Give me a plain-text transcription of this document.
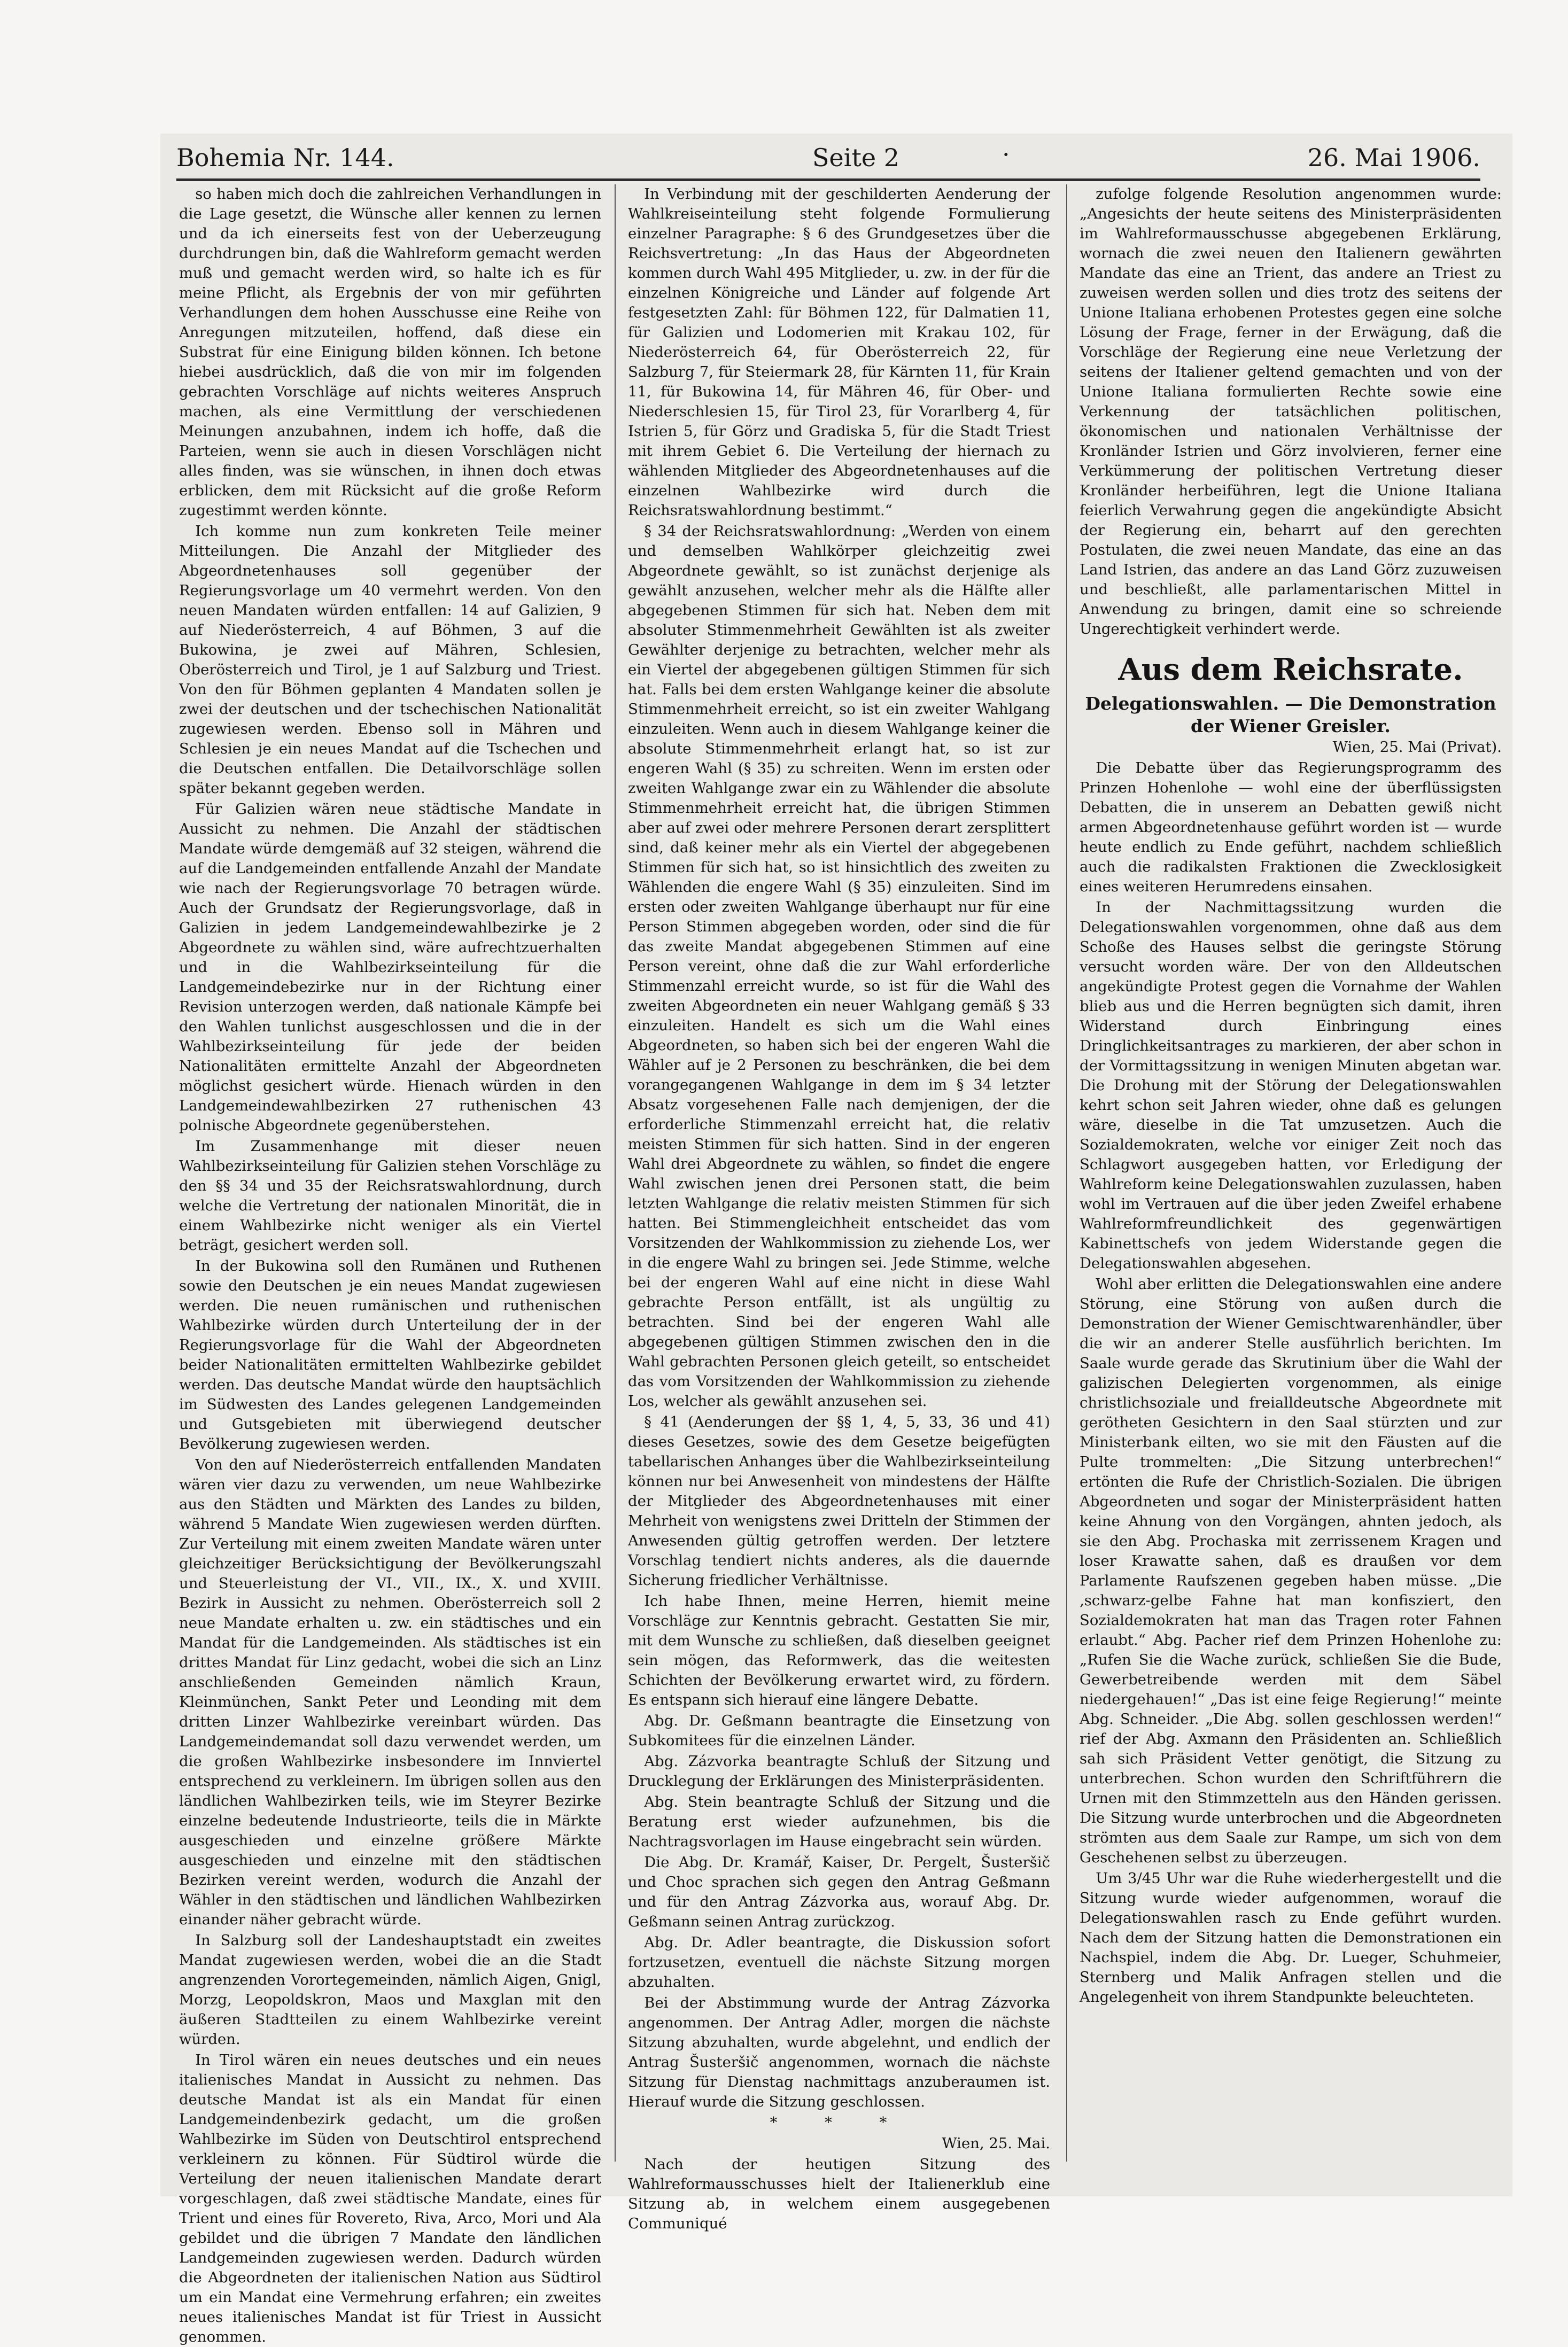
Bohemia Nr. 144.	Seite 2	·	26. Mai 1906.

so haben mich doch die zahlreichen Verhandlungen in die Lage gesetzt, die Wünsche aller kennen zu lernen und da ich einerseits fest von der Ueberzeugung durchdrungen bin, daß die Wahlreform gemacht werden muß und gemacht werden wird, so halte ich es für meine Pflicht, als Ergebnis der von mir geführten Verhandlungen dem hohen Ausschusse eine Reihe von Anregungen mitzuteilen, hoffend, daß diese ein Substrat für eine Einigung bilden können. Ich betone hiebei ausdrücklich, daß die von mir im folgenden gebrachten Vorschläge auf nichts weiteres Anspruch machen, als eine Vermittlung der verschiedenen Meinungen anzubahnen, indem ich hoffe, daß die Parteien, wenn sie auch in diesen Vorschlägen nicht alles finden, was sie wünschen, in ihnen doch etwas erblicken, dem mit Rücksicht auf die große Reform zugestimmt werden könnte.

Ich komme nun zum konkreten Teile meiner Mitteilungen. Die Anzahl der Mitglieder des Abgeordnetenhauses soll gegenüber der Regierungsvorlage um 40 vermehrt werden. Von den neuen Mandaten würden entfallen: 14 auf Galizien, 9 auf Niederösterreich, 4 auf Böhmen, 3 auf die Bukowina, je zwei auf Mähren, Schlesien, Oberösterreich und Tirol, je 1 auf Salzburg und Triest. Von den für Böhmen geplanten 4 Mandaten sollen je zwei der deutschen und der tschechischen Nationalität zugewiesen werden. Ebenso soll in Mähren und Schlesien je ein neues Mandat auf die Tschechen und die Deutschen entfallen. Die Detailvorschläge sollen später bekannt gegeben werden.

Für Galizien wären neue städtische Mandate in Aussicht zu nehmen. Die Anzahl der städtischen Mandate würde demgemäß auf 32 steigen, während die auf die Landgemeinden entfallende Anzahl der Mandate wie nach der Regierungsvorlage 70 betragen würde. Auch der Grundsatz der Regierungsvorlage, daß in Galizien in jedem Landgemeindewahlbezirke je 2 Abgeordnete zu wählen sind, wäre aufrechtzuerhalten und in die Wahlbezirkseinteilung für die Landgemeindebezirke nur in der Richtung einer Revision unterzogen werden, daß nationale Kämpfe bei den Wahlen tunlichst ausgeschlossen und die in der Wahlbezirkseinteilung für jede der beiden Nationalitäten ermittelte Anzahl der Abgeordneten möglichst gesichert würde. Hienach würden in den Landgemeindewahlbezirken 27 ruthenischen 43 polnische Abgeordnete gegenüberstehen.

Im Zusammenhange mit dieser neuen Wahlbezirkseinteilung für Galizien stehen Vorschläge zu den §§ 34 und 35 der Reichsratswahlordnung, durch welche die Vertretung der nationalen Minorität, die in einem Wahlbezirke nicht weniger als ein Viertel beträgt, gesichert werden soll.

In der Bukowina soll den Rumänen und Ruthenen sowie den Deutschen je ein neues Mandat zugewiesen werden. Die neuen rumänischen und ruthenischen Wahlbezirke würden durch Unterteilung der in der Regierungsvorlage für die Wahl der Abgeordneten beider Nationalitäten ermittelten Wahlbezirke gebildet werden. Das deutsche Mandat würde den hauptsächlich im Südwesten des Landes gelegenen Landgemeinden und Gutsgebieten mit überwiegend deutscher Bevölkerung zugewiesen werden.

Von den auf Niederösterreich entfallenden Mandaten wären vier dazu zu verwenden, um neue Wahlbezirke aus den Städten und Märkten des Landes zu bilden, während 5 Mandate Wien zugewiesen werden dürften. Zur Verteilung mit einem zweiten Mandate wären unter gleichzeitiger Berücksichtigung der Bevölkerungszahl und Steuerleistung der VI., VII., IX., X. und XVIII. Bezirk in Aussicht zu nehmen. Oberösterreich soll 2 neue Mandate erhalten u. zw. ein städtisches und ein Mandat für die Landgemeinden. Als städtisches ist ein drittes Mandat für Linz gedacht, wobei die sich an Linz anschließenden Gemeinden nämlich Kraun, Kleinmünchen, Sankt Peter und Leonding mit dem dritten Linzer Wahlbezirke vereinbart würden. Das Landgemeindemandat soll dazu verwendet werden, um die großen Wahlbezirke insbesondere im Innviertel entsprechend zu verkleinern. Im übrigen sollen aus den ländlichen Wahlbezirken teils, wie im Steyrer Bezirke einzelne bedeutende Industrieorte, teils die in Märkte ausgeschieden und einzelne größere Märkte ausgeschieden und einzelne mit den städtischen Bezirken vereint werden, wodurch die Anzahl der Wähler in den städtischen und ländlichen Wahlbezirken einander näher gebracht würde.

In Salzburg soll der Landeshauptstadt ein zweites Mandat zugewiesen werden, wobei die an die Stadt angrenzenden Vorortegemeinden, nämlich Aigen, Gnigl, Morzg, Leopoldskron, Maos und Maxglan mit den äußeren Stadtteilen zu einem Wahlbezirke vereint würden.

In Tirol wären ein neues deutsches und ein neues italienisches Mandat in Aussicht zu nehmen. Das deutsche Mandat ist als ein Mandat für einen Landgemeindenbezirk gedacht, um die großen Wahlbezirke im Süden von Deutschtirol entsprechend verkleinern zu können. Für Südtirol würde die Verteilung der neuen italienischen Mandate derart vorgeschlagen, daß zwei städtische Mandate, eines für Trient und eines für Rovereto, Riva, Arco, Mori und Ala gebildet und die übrigen 7 Mandate den ländlichen Landgemeinden zugewiesen werden. Dadurch würden die Abgeordneten der italienischen Nation aus Südtirol um ein Mandat eine Vermehrung erfahren; ein zweites neues italienisches Mandat ist für Triest in Aussicht genommen.

In Verbindung mit der geschilderten Aenderung der Wahlkreiseinteilung steht folgende Formulierung einzelner Paragraphe: § 6 des Grundgesetzes über die Reichsvertretung: „In das Haus der Abgeordneten kommen durch Wahl 495 Mitglieder, u. zw. in der für die einzelnen Königreiche und Länder auf folgende Art festgesetzten Zahl: für Böhmen 122, für Dalmatien 11, für Galizien und Lodomerien mit Krakau 102, für Niederösterreich 64, für Oberösterreich 22, für Salzburg 7, für Steiermark 28, für Kärnten 11, für Krain 11, für Bukowina 14, für Mähren 46, für Ober- und Niederschlesien 15, für Tirol 23, für Vorarlberg 4, für Istrien 5, für Görz und Gradiska 5, für die Stadt Triest mit ihrem Gebiet 6. Die Verteilung der hiernach zu wählenden Mitglieder des Abgeordnetenhauses auf die einzelnen Wahlbezirke wird durch die Reichsratswahlordnung bestimmt.“

§ 34 der Reichsratswahlordnung: „Werden von einem und demselben Wahlkörper gleichzeitig zwei Abgeordnete gewählt, so ist zunächst derjenige als gewählt anzusehen, welcher mehr als die Hälfte aller abgegebenen Stimmen für sich hat. Neben dem mit absoluter Stimmenmehrheit Gewählten ist als zweiter Gewählter derjenige zu betrachten, welcher mehr als ein Viertel der abgegebenen gültigen Stimmen für sich hat. Falls bei dem ersten Wahlgange keiner die absolute Stimmenmehrheit erreicht, so ist ein zweiter Wahlgang einzuleiten. Wenn auch in diesem Wahlgange keiner die absolute Stimmenmehrheit erlangt hat, so ist zur engeren Wahl (§ 35) zu schreiten. Wenn im ersten oder zweiten Wahlgange zwar ein zu Wählender die absolute Stimmenmehrheit erreicht hat, die übrigen Stimmen aber auf zwei oder mehrere Personen derart zersplittert sind, daß keiner mehr als ein Viertel der abgegebenen Stimmen für sich hat, so ist hinsichtlich des zweiten zu Wählenden die engere Wahl (§ 35) einzuleiten. Sind im ersten oder zweiten Wahlgange überhaupt nur für eine Person Stimmen abgegeben worden, oder sind die für das zweite Mandat abgegebenen Stimmen auf eine Person vereint, ohne daß die zur Wahl erforderliche Stimmenzahl erreicht wurde, so ist für die Wahl des zweiten Abgeordneten ein neuer Wahlgang gemäß § 33 einzuleiten. Handelt es sich um die Wahl eines Abgeordneten, so haben sich bei der engeren Wahl die Wähler auf je 2 Personen zu beschränken, die bei dem vorangegangenen Wahlgange in dem im § 34 letzter Absatz vorgesehenen Falle nach demjenigen, der die erforderliche Stimmenzahl erreicht hat, die relativ meisten Stimmen für sich hatten. Sind in der engeren Wahl drei Abgeordnete zu wählen, so findet die engere Wahl zwischen jenen drei Personen statt, die beim letzten Wahlgange die relativ meisten Stimmen für sich hatten. Bei Stimmengleichheit entscheidet das vom Vorsitzenden der Wahlkommission zu ziehende Los, wer in die engere Wahl zu bringen sei. Jede Stimme, welche bei der engeren Wahl auf eine nicht in diese Wahl gebrachte Person entfällt, ist als ungültig zu betrachten. Sind bei der engeren Wahl alle abgegebenen gültigen Stimmen zwischen den in die Wahl gebrachten Personen gleich geteilt, so entscheidet das vom Vorsitzenden der Wahlkommission zu ziehende Los, welcher als gewählt anzusehen sei.

§ 41 (Aenderungen der §§ 1, 4, 5, 33, 36 und 41) dieses Gesetzes, sowie des dem Gesetze beigefügten tabellarischen Anhanges über die Wahlbezirkseinteilung können nur bei Anwesenheit von mindestens der Hälfte der Mitglieder des Abgeordnetenhauses mit einer Mehrheit von wenigstens zwei Dritteln der Stimmen der Anwesenden gültig getroffen werden. Der letztere Vorschlag tendiert nichts anderes, als die dauernde Sicherung friedlicher Verhältnisse.

Ich habe Ihnen, meine Herren, hiemit meine Vorschläge zur Kenntnis gebracht. Gestatten Sie mir, mit dem Wunsche zu schließen, daß dieselben geeignet sein mögen, das Reformwerk, das die weitesten Schichten der Bevölkerung erwartet wird, zu fördern. Es entspann sich hierauf eine längere Debatte.

Abg. Dr. Geßmann beantragte die Einsetzung von Subkomitees für die einzelnen Länder.

Abg. Zázvorka beantragte Schluß der Sitzung und Drucklegung der Erklärungen des Ministerpräsidenten.

Abg. Stein beantragte Schluß der Sitzung und die Beratung erst wieder aufzunehmen, bis die Nachtragsvorlagen im Hause eingebracht sein würden.

Die Abg. Dr. Kramář, Kaiser, Dr. Pergelt, Šusteršič und Choc sprachen sich gegen den Antrag Geßmann und für den Antrag Zázvorka aus, worauf Abg. Dr. Geßmann seinen Antrag zurückzog.

Abg. Dr. Adler beantragte, die Diskussion sofort fortzusetzen, eventuell die nächste Sitzung morgen abzuhalten.

Bei der Abstimmung wurde der Antrag Zázvorka angenommen. Der Antrag Adler, morgen die nächste Sitzung abzuhalten, wurde abgelehnt, und endlich der Antrag Šusteršič angenommen, wornach die nächste Sitzung für Dienstag nachmittags anzuberaumen ist. Hierauf wurde die Sitzung geschlossen.

* * *

Wien, 25. Mai.

Nach der heutigen Sitzung des Wahlreformausschusses hielt der Italienerklub eine Sitzung ab, in welchem einem ausgegebenen Communiqué

zufolge folgende Resolution angenommen wurde: „Angesichts der heute seitens des Ministerpräsidenten im Wahlreformausschusse abgegebenen Erklärung, wornach die zwei neuen den Italienern gewährten Mandate das eine an Trient, das andere an Triest zu zuweisen werden sollen und dies trotz des seitens der Unione Italiana erhobenen Protestes gegen eine solche Lösung der Frage, ferner in der Erwägung, daß die Vorschläge der Regierung eine neue Verletzung der seitens der Italiener geltend gemachten und von der Unione Italiana formulierten Rechte sowie eine Verkennung der tatsächlichen politischen, ökonomischen und nationalen Verhältnisse der Kronländer Istrien und Görz involvieren, ferner eine Verkümmerung der politischen Vertretung dieser Kronländer herbeiführen, legt die Unione Italiana feierlich Verwahrung gegen die angekündigte Absicht der Regierung ein, beharrt auf den gerechten Postulaten, die zwei neuen Mandate, das eine an das Land Istrien, das andere an das Land Görz zuzuweisen und beschließt, alle parlamentarischen Mittel in Anwendung zu bringen, damit eine so schreiende Ungerechtigkeit verhindert werde.

Aus dem Reichsrate.
Delegationswahlen. — Die Demonstration der Wiener Greisler.

Wien, 25. Mai (Privat).

Die Debatte über das Regierungsprogramm des Prinzen Hohenlohe — wohl eine der überflüssigsten Debatten, die in unserem an Debatten gewiß nicht armen Abgeordnetenhause geführt worden ist — wurde heute endlich zu Ende geführt, nachdem schließlich auch die radikalsten Fraktionen die Zwecklosigkeit eines weiteren Herumredens einsahen.

In der Nachmittagssitzung wurden die Delegationswahlen vorgenommen, ohne daß aus dem Schoße des Hauses selbst die geringste Störung versucht worden wäre. Der von den Alldeutschen angekündigte Protest gegen die Vornahme der Wahlen blieb aus und die Herren begnügten sich damit, ihren Widerstand durch Einbringung eines Dringlichkeitsantrages zu markieren, der aber schon in der Vormittagssitzung in wenigen Minuten abgetan war. Die Drohung mit der Störung der Delegationswahlen kehrt schon seit Jahren wieder, ohne daß es gelungen wäre, dieselbe in die Tat umzusetzen. Auch die Sozialdemokraten, welche vor einiger Zeit noch das Schlagwort ausgegeben hatten, vor Erledigung der Wahlreform keine Delegationswahlen zuzulassen, haben wohl im Vertrauen auf die über jeden Zweifel erhabene Wahlreformfreundlichkeit des gegenwärtigen Kabinettschefs von jedem Widerstande gegen die Delegationswahlen abgesehen.

Wohl aber erlitten die Delegationswahlen eine andere Störung, eine Störung von außen durch die Demonstration der Wiener Gemischtwarenhändler, über die wir an anderer Stelle ausführlich berichten. Im Saale wurde gerade das Skrutinium über die Wahl der galizischen Delegierten vorgenommen, als einige christlichsoziale und freialldeutsche Abgeordnete mit gerötheten Gesichtern in den Saal stürzten und zur Ministerbank eilten, wo sie mit den Fäusten auf die Pulte trommelten: „Die Sitzung unterbrechen!“ ertönten die Rufe der Christlich-Sozialen. Die übrigen Abgeordneten und sogar der Ministerpräsident hatten keine Ahnung von den Vorgängen, ahnten jedoch, als sie den Abg. Prochaska mit zerrissenem Kragen und loser Krawatte sahen, daß es draußen vor dem Parlamente Raufszenen gegeben haben müsse. „Die ‚schwarz-gelbe Fahne hat man konfisziert, den Sozialdemokraten hat man das Tragen roter Fahnen erlaubt.“ Abg. Pacher rief dem Prinzen Hohenlohe zu: „Rufen Sie die Wache zurück, schließen Sie die Bude, Gewerbetreibende werden mit dem Säbel niedergehauen!“ „Das ist eine feige Regierung!“ meinte Abg. Schneider. „Die Abg. sollen geschlossen werden!“ rief der Abg. Axmann den Präsidenten an. Schließlich sah sich Präsident Vetter genötigt, die Sitzung zu unterbrechen. Schon wurden den Schriftführern die Urnen mit den Stimmzetteln aus den Händen gerissen. Die Sitzung wurde unterbrochen und die Abgeordneten strömten aus dem Saale zur Rampe, um sich von dem Geschehenen selbst zu überzeugen.

Um 3/45 Uhr war die Ruhe wiederhergestellt und die Sitzung wurde wieder aufgenommen, worauf die Delegationswahlen rasch zu Ende geführt wurden. Nach dem der Sitzung hatten die Demonstrationen ein Nachspiel, indem die Abg. Dr. Lueger, Schuhmeier, Sternberg und Malik Anfragen stellen und die Angelegenheit von ihrem Standpunkte beleuchteten.
